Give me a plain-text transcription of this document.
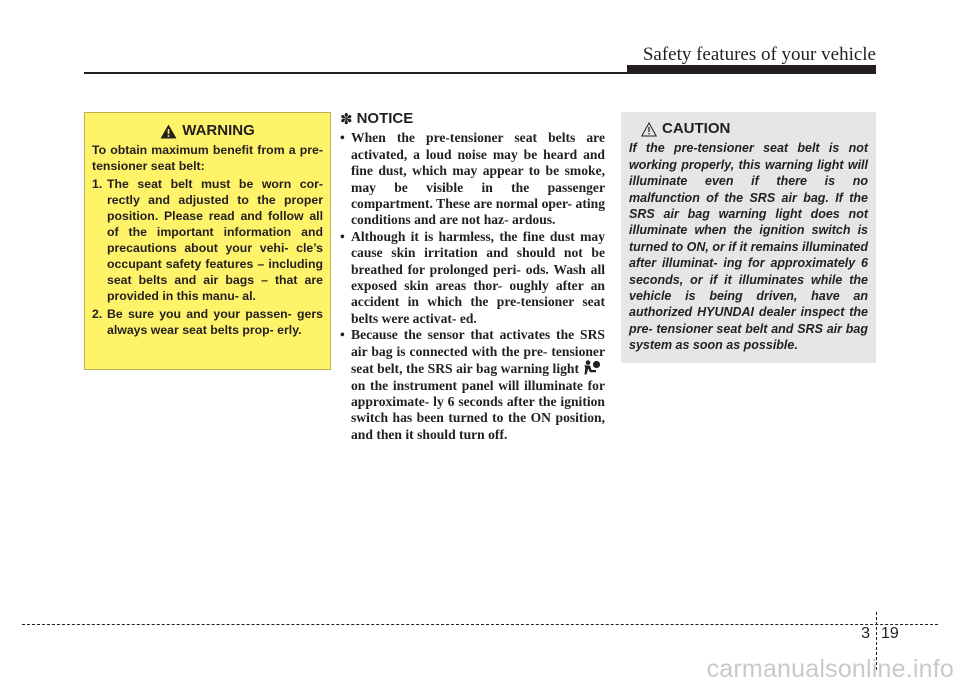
Safety features of your vehicle
WARNING

To obtain maximum benefit from a pre-tensioner seat belt:

1. The seat belt must be worn cor- rectly and adjusted to the proper position. Please read and follow all of the important information and precautions about your vehi- cle’s occupant safety features – including seat belts and air bags – that are provided in this manu- al.
2. Be sure you and your passen- gers always wear seat belts prop- erly.
✽ NOTICE
• When the pre-tensioner seat belts are activated, a loud noise may be heard and fine dust, which may appear to be smoke, may be visible in the passenger compartment. These are normal oper- ating conditions and are not haz- ardous.
• Although it is harmless, the fine dust may cause skin irritation and should not be breathed for prolonged peri- ods. Wash all exposed skin areas thor- oughly after an accident in which the pre-tensioner seat belts were activat- ed.
• Because the sensor that activates the SRS air bag is connected with the pre- tensioner seat belt, the SRS air bag warning lighton the instrument panel will illuminate for approximate- ly 6 seconds after the ignition switch has been turned to the ON position, and then it should turn off.
CAUTION

If the pre-tensioner seat belt is not working properly, this warning light will illuminate even if there is no malfunction of the SRS air bag. If the SRS air bag warning light does not illuminate when the ignition switch is turned to ON, or if it remains illuminated after illuminat- ing for approximately 6 seconds, or if it illuminates while the vehicle is being driven, have an authorized HYUNDAI dealer inspect the pre- tensioner seat belt and SRS air bag system as soon as possible.

3 19
carmanualsonline.info
